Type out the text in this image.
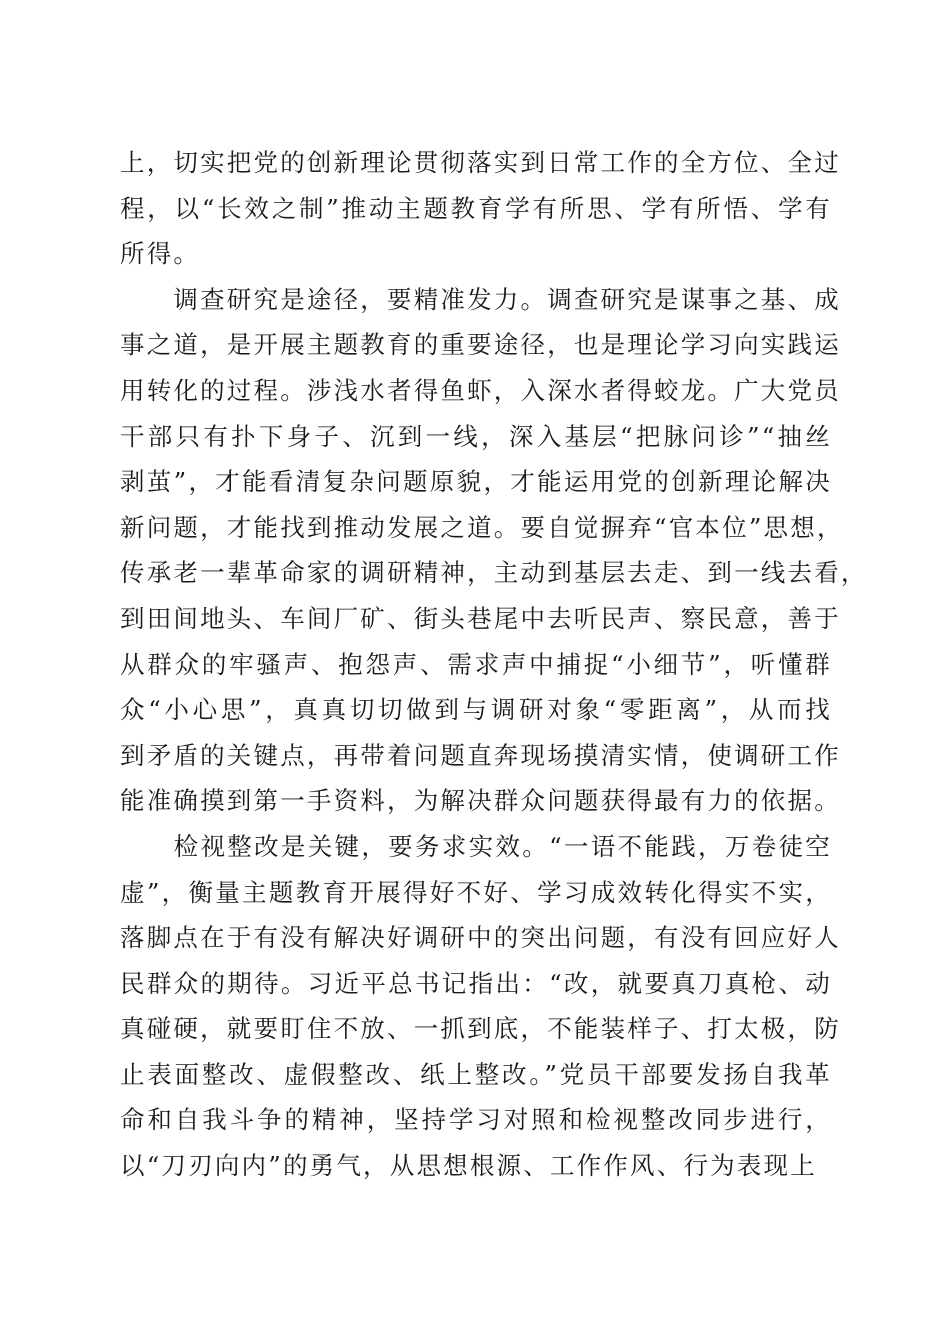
上，切实把党的创新理论贯彻落实到日常工作的全方位、全过
程，以“长效之制”推动主题教育学有所思、学有所悟、学有
所得。
　　调查研究是途径，要精准发力。调查研究是谋事之基、成
事之道，是开展主题教育的重要途径，也是理论学习向实践运
用转化的过程。涉浅水者得鱼虾，入深水者得蛟龙。广大党员
干部只有扑下身子、沉到一线，深入基层“把脉问诊”“抽丝
剥茧”，才能看清复杂问题原貌，才能运用党的创新理论解决
新问题，才能找到推动发展之道。要自觉摒弃“官本位”思想，
传承老一辈革命家的调研精神，主动到基层去走、到一线去看，
到田间地头、车间厂矿、街头巷尾中去听民声、察民意，善于
从群众的牢骚声、抱怨声、需求声中捕捉“小细节”，听懂群
众“小心思”，真真切切做到与调研对象“零距离”，从而找
到矛盾的关键点，再带着问题直奔现场摸清实情，使调研工作
能准确摸到第一手资料，为解决群众问题获得最有力的依据。
　　检视整改是关键，要务求实效。“一语不能践，万卷徒空
虚”，衡量主题教育开展得好不好、学习成效转化得实不实，
落脚点在于有没有解决好调研中的突出问题，有没有回应好人
民群众的期待。习近平总书记指出：“改，就要真刀真枪、动
真碰硬，就要盯住不放、一抓到底，不能装样子、打太极，防
止表面整改、虚假整改、纸上整改。”党员干部要发扬自我革
命和自我斗争的精神，坚持学习对照和检视整改同步进行，
以“刀刃向内”的勇气，从思想根源、工作作风、行为表现上
